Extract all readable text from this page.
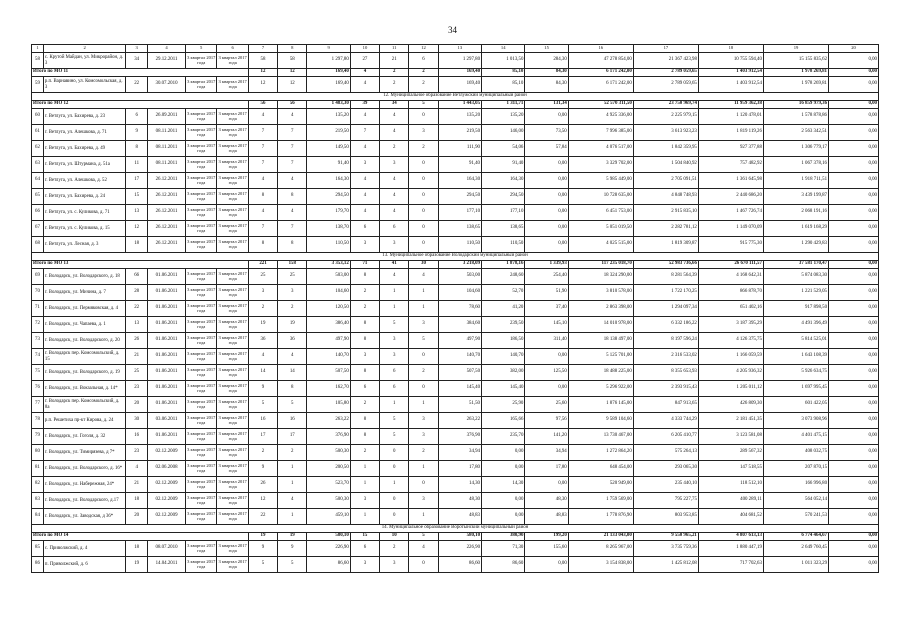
34
1	2	3	4	5	6	7	8	9	10	11	12	13	14	15	16	17	18	19	20
58	с. Крутой Майдан, ул. Микрорайон, д. 3	34	29.12.2011	3 квартал 2017 года	3 квартал 2017 года	58	58	1 297,80	27	21	6	1 297,80	1 013,50	284,30	47 278 854,00	21 367 423,98	10 755 594,40	15 155 835,62	0,00
Итого по МО 11						12	12	169,40	4	2	2	169,40	85,10	84,30	6 171 242,00	2 789 059,65	1 403 912,54	1 978 269,81	0,00
59	р.п. Варнавино, ул. Комсомольская, д. 3	22	30.07.2010	3 квартал 2017 года	3 квартал 2017 года	12	12	169,40	4	2	2	169,40	85,10	84,30	6 171 242,00	2 789 059,65	1 403 912,54	1 978 269,81	0,00
12. Муниципальное образование Ветлужский муниципальный район																			
Итого по МО 12						56	56	1 483,30	39	34	5	1 443,05	1 311,71	131,34	52 570 311,50	23 750 969,74	11 959 362,38	16 859 979,36	0,00
60	г. Ветлуга, ул. Бахирева, д. 23	6	26.09.2011	3 квартал 2017 года	3 квартал 2017 года	4	4	135,20	4	4	0	135,20	135,20	0,00	4 925 336,00	2 225 979,15	1 120 478,01	1 578 878,86	0,00
61	г. Ветлуга, ул. Алешкова, д. 71	9	08.11.2011	3 квартал 2017 года	3 квартал 2017 года	7	7	219,50	7	4	3	219,50	146,00	73,50	7 996 385,00	3 613 923,23	1 819 119,26	2 563 342,51	0,00
62	г. Ветлуга, ул. Бахирева, д. 49	8	08.11.2011	3 квартал 2017 года	3 квартал 2017 года	7	7	149,50	4	2	2	111,90	54,06	57,84	4 076 517,00	1 842 359,95	927 377,88	1 306 779,17	0,00
63	г. Ветлуга, ул. Штурмана, д. 51а	11	08.11.2011	3 квартал 2017 года	3 квартал 2017 года	7	7	91,40	3	3	0	91,40	91,40	0,00	3 329 702,00	1 504 840,92	757 482,92	1 067 378,16	0,00
64	г. Ветлуга, ул. Алешкова, д. 52	17	26.12.2011	3 квартал 2017 года	3 квартал 2017 года	4	4	164,30	4	4	0	164,30	164,30	0,00	5 985 449,00	2 705 091,51	1 361 645,98	1 918 711,51	0,00
65	г. Ветлуга, ул. Бахирева, д. 24	15	26.12.2011	3 квартал 2017 года	3 квартал 2017 года	8	8	294,50	4	4	0	294,50	294,50	0,00	10 728 635,00	4 848 748,93	2 440 686,20	3 439 199,87	0,00
66	г. Ветлуга, ул. с. Куликова, д. 71	13	26.12.2011	3 квартал 2017 года	3 квартал 2017 года	4	4	179,70	4	4	0	177,10	177,10	0,00	6 451 753,00	2 915 835,10	1 467 726,74	2 068 191,16	0,00
67	г. Ветлуга, ул. с. Куликова, д. 15	12	26.12.2011	3 квартал 2017 года	3 квартал 2017 года	7	7	138,70	6	6	0	138,65	138,65	0,00	5 051 019,50	2 282 781,12	1 149 070,09	1 619 168,29	0,00
68	г. Ветлуга, ул. Лесная, д. 3	18	26.12.2011	3 квартал 2017 года	3 квартал 2017 года	8	8	110,50	3	3	0	110,50	110,50	0,00	4 025 515,00	1 819 309,87	915 775,30	1 290 429,83	0,00
13. Муниципальное образование Володарский муниципальный район																			
Итого по МО 13						221	158	3 353,12	71	41	30	3 218,09	1 878,16	1 339,93	117 235 018,70	52 983 736,66	26 670 111,57	37 581 170,47	0,00
69	г. Володарск, ул. Володарского, д. 18	66	01.06.2011	3 квартал 2017 года	3 квартал 2017 года	25	25	503,00	8	4	4	503,00	248,60	254,40	18 324 290,00	8 281 564,39	4 168 642,31	5 874 083,30	0,00
70	г. Володарск, ул. Мичина, д. 7	28	01.06.2011	3 квартал 2017 года	3 квартал 2017 года	3	3	104,60	2	1	1	104,60	52,70	51,90	3 810 578,00	1 722 170,25	866 878,70	1 221 529,05	0,00
71	г. Володарск, ул. Пермяковская, д. 4	22	01.06.2011	3 квартал 2017 года	3 квартал 2017 года	2	2	120,50	2	1	1	78,60	41,20	37,40	2 863 398,00	1 294 097,34	651 402,16	917 898,50	0,00
72	г. Володарск, ул. Чапаева, д. 1	13	01.06.2011	3 квартал 2017 года	3 квартал 2017 года	19	19	386,40	8	5	3	384,60	239,50	145,10	14 010 978,00	6 332 186,22	3 187 395,29	4 491 396,49	0,00
73	г. Володарск, ул. Володарского, д. 20	26	01.06.2011	3 квартал 2017 года	3 квартал 2017 года	36	36	497,90	8	3	5	497,90	186,50	311,40	18 138 497,00	8 197 596,24	4 126 375,75	5 814 525,01	0,00
74	г. Володарск пер. Комсомольский, д. 15	21	01.06.2011	3 квартал 2017 года	3 квартал 2017 года	4	4	140,70	3	3	0	140,70	140,70	0,00	5 125 701,00	2 316 533,02	1 166 059,59	1 643 108,39	0,00
75	г. Володарск, ул. Володарского, д. 19	25	01.06.2011	3 квартал 2017 года	3 квартал 2017 года	14	14	507,50	8	6	2	507,50	382,00	125,50	18 488 225,00	8 355 653,93	4 205 936,32	5 926 634,75	0,00
76	г. Володарск, ул. Вокзальная, д. 14*	23	01.06.2011	3 квартал 2017 года	3 квартал 2017 года	9	8	162,70	6	6	0	145,40	145,40	0,00	5 296 922,00	2 393 915,43	1 205 011,12	1 697 995,45	0,00
77	г. Володарск пер. Комсомольский, д. 8а	20	01.06.2011	3 квартал 2017 года	3 квартал 2017 года	5	5	105,80	2	1	1	51,50	25,90	25,60	1 876 145,00	847 913,65	426 809,30	601 422,05	0,00
78	р.п. Решетиха пр-кт Кирова, д. 24	30	03.06.2011	3 квартал 2017 года	3 квартал 2017 года	16	16	263,22	8	5	3	263,22	165,66	97,56	9 589 104,60	4 333 744,29	2 181 451,35	3 073 908,96	0,00
79	г. Володарск, ул. Гоголя, д. 32	16	01.06.2011	3 квартал 2017 года	3 квартал 2017 года	17	17	376,90	8	5	3	376,90	235,70	141,20	13 730 467,00	6 205 410,77	3 123 581,08	4 401 475,15	0,00
80	г. Володарск, ул. Тимирязева, д 7*	23	02.12.2009	3 квартал 2017 года	3 квартал 2017 года	2	2	500,30	2	0	2	34,94	0,00	34,94	1 272 864,20	575 264,13	289 567,32	408 032,75	0,00
81	г. Володарск, ул. Володарского, д. 16*	4	02.06.2008	3 квартал 2017 года	3 квартал 2017 года	9	1	200,50	1	0	1	17,80	0,00	17,80	648 454,00	293 065,30	147 518,55	207 870,15	0,00
82	г. Володарск, ул. Набережная, 24*	21	02.12.2009	3 квартал 2017 года	3 квартал 2017 года	26	1	523,70	1	1	0	14,30	14,30	0,00	520 949,00	235 440,10	118 512,10	166 996,80	0,00
83	г. Володарск, ул. Володарского, д.17	18	02.12.2009	3 квартал 2017 года	3 квартал 2017 года	12	4	500,30	3	0	3	48,30	0,00	48,30	1 759 569,00	795 227,75	400 289,11	564 052,14	0,00
84	г. Володарск, ул. Заводская, д 36*	20	02.12.2009	3 квартал 2017 года	3 квартал 2017 года	22	1	459,10	1	0	1	48,83	0,00	48,83	1 778 876,90	803 953,85	404 681,52	570 241,53	0,00
14. Муниципальное образование Воротынский муниципальный район																			
Итого по МО 14						19	19	580,10	15	10	5	580,10	380,90	199,20	21 133 043,00	9 550 965,21	4 807 613,13	6 774 464,67	0,00
85	с. Приволжский, д. 4	18	08.07.2010	3 квартал 2017 года	3 квартал 2017 года	9	9	226,90	6	2	4	226,90	71,30	155,60	8 265 967,00	3 735 759,36	1 880 447,19	2 649 760,45	0,00
86	п. Приволжский, д. 6	19	14.04.2011	3 квартал 2017 года	3 квартал 2017 года	5	5	86,60	3	3	0	86,60	86,60	0,00	3 154 838,00	1 425 812,08	717 702,63	1 011 323,29	0,00
